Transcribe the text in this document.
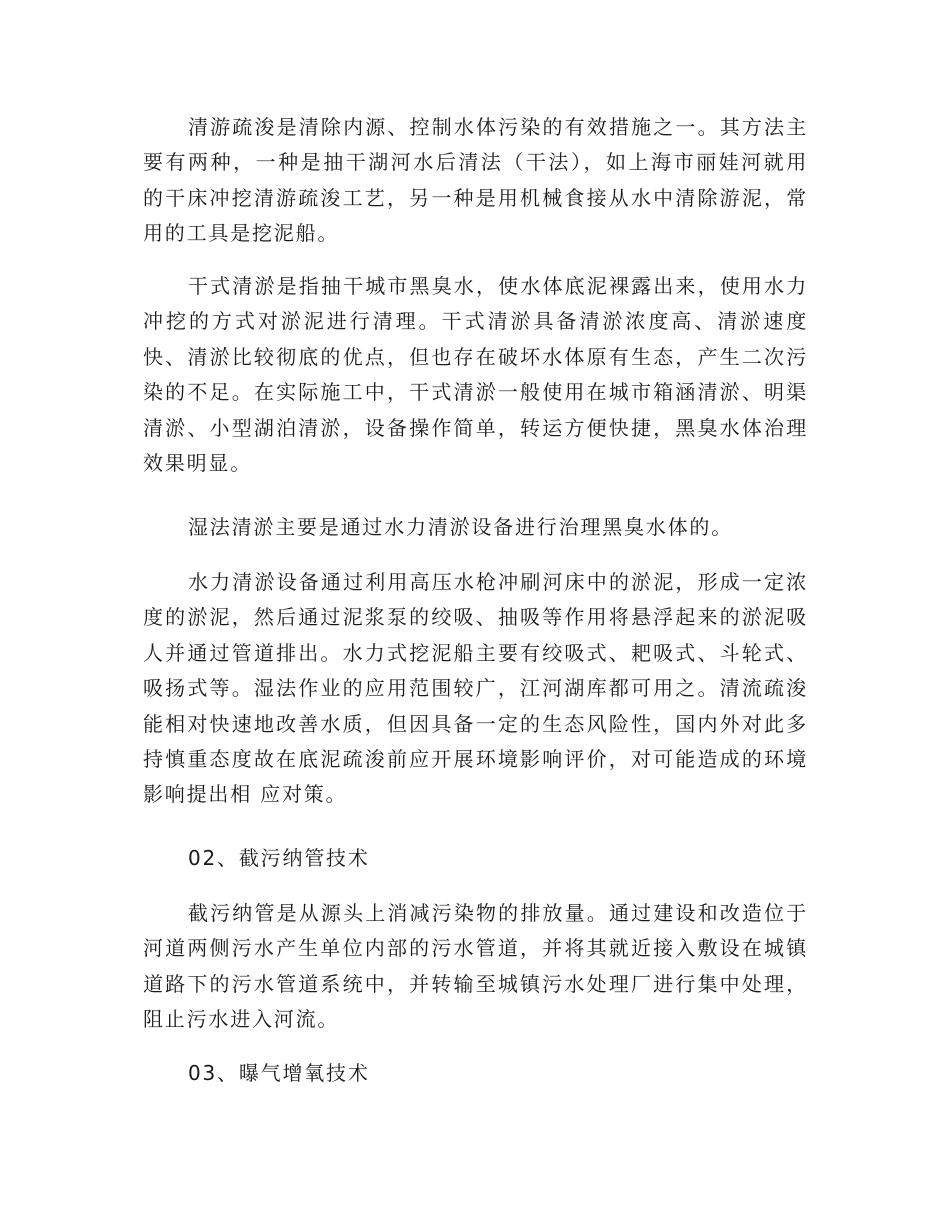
清游疏浚是清除内源、控制水体污染的有效措施之一。其方法主要有两种，一种是抽干湖河水后清法（干法），如上海市丽娃河就用的干床冲挖清游疏浚工艺，另一种是用机械食接从水中清除游泥，常用的工具是挖泥船。

干式清淤是指抽干城市黑臭水，使水体底泥裸露出来，使用水力冲挖的方式对淤泥进行清理。干式清淤具备清淤浓度高、清淤速度快、清淤比较彻底的优点，但也存在破坏水体原有生态，产生二次污染的不足。在实际施工中，干式清淤一般使用在城市箱涵清淤、明渠清淤、小型湖泊清淤，设备操作简单，转运方便快捷，黑臭水体治理效果明显。

湿法清淤主要是通过水力清淤设备进行治理黑臭水体的。

水力清淤设备通过利用高压水枪冲刷河床中的淤泥，形成一定浓度的淤泥，然后通过泥浆泵的绞吸、抽吸等作用将悬浮起来的淤泥吸人并通过管道排出。水力式挖泥船主要有绞吸式、耙吸式、斗轮式、吸扬式等。湿法作业的应用范围较广，江河湖库都可用之。清流疏浚能相对快速地改善水质，但因具备一定的生态风险性，国内外对此多持慎重态度故在底泥疏浚前应开展环境影响评价，对可能造成的环境影响提出相 应对策。

02、截污纳管技术

截污纳管是从源头上消减污染物的排放量。通过建设和改造位于河道两侧污水产生单位内部的污水管道，并将其就近接入敷设在城镇道路下的污水管道系统中，并转输至城镇污水处理厂进行集中处理，阻止污水进入河流。

03、曝气增氧技术
